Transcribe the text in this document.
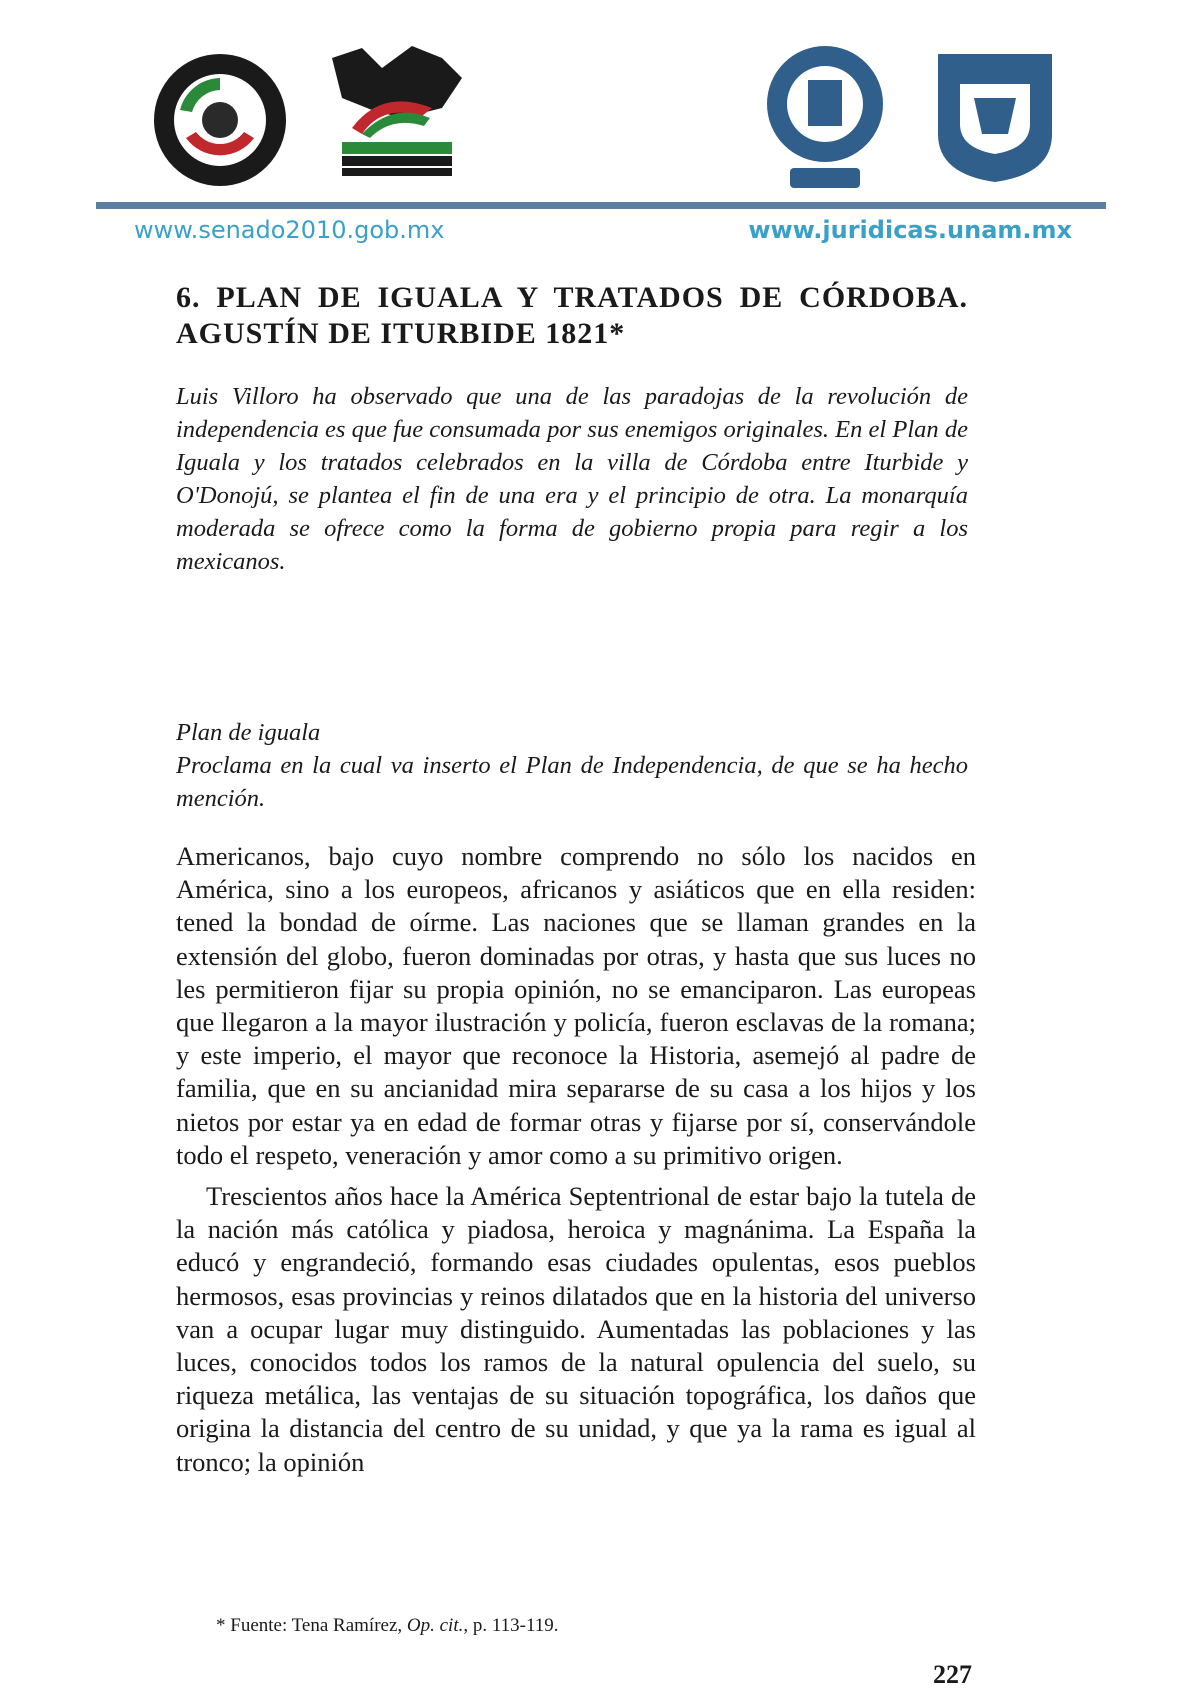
www.senado2010.gob.mx	www.juridicas.unam.mx
6. PLAN DE IGUALA Y TRATADOS DE CÓRDOBA.
AGUSTÍN DE ITURBIDE 1821*

Luis Villoro ha observado que una de las paradojas de la revolución de independencia es que fue consumada por sus enemigos originales. En el Plan de Iguala y los tratados celebrados en la villa de Córdoba entre Iturbide y O'Donojú, se plantea el fin de una era y el principio de otra. La monarquía moderada se ofrece como la forma de gobierno propia para regir a los mexicanos.

Plan de iguala

Proclama en la cual va inserto el Plan de Independencia, de que se ha hecho mención.

Americanos, bajo cuyo nombre comprendo no sólo los nacidos en América, sino a los europeos, africanos y asiáticos que en ella residen: tened la bondad de oírme. Las naciones que se llaman grandes en la extensión del globo, fueron dominadas por otras, y hasta que sus luces no les permitieron fijar su propia opinión, no se emanciparon. Las europeas que llegaron a la mayor ilustración y policía, fueron esclavas de la romana; y este imperio, el mayor que reconoce la Historia, asemejó al padre de familia, que en su ancianidad mira separarse de su casa a los hijos y los nietos por estar ya en edad de formar otras y fijarse por sí, conservándole todo el respeto, veneración y amor como a su primitivo origen.

Trescientos años hace la América Septentrional de estar bajo la tutela de la nación más católica y piadosa, heroica y magnánima. La España la educó y engrandeció, formando esas ciudades opulentas, esos pueblos hermosos, esas provincias y reinos dilatados que en la historia del universo van a ocupar lugar muy distinguido. Aumentadas las poblaciones y las luces, conocidos todos los ramos de la natural opulencia del suelo, su riqueza metálica, las ventajas de su situación topográfica, los daños que origina la distancia del centro de su unidad, y que ya la rama es igual al tronco; la opinión

* Fuente: Tena Ramírez, Op. cit., p. 113-119.
227
